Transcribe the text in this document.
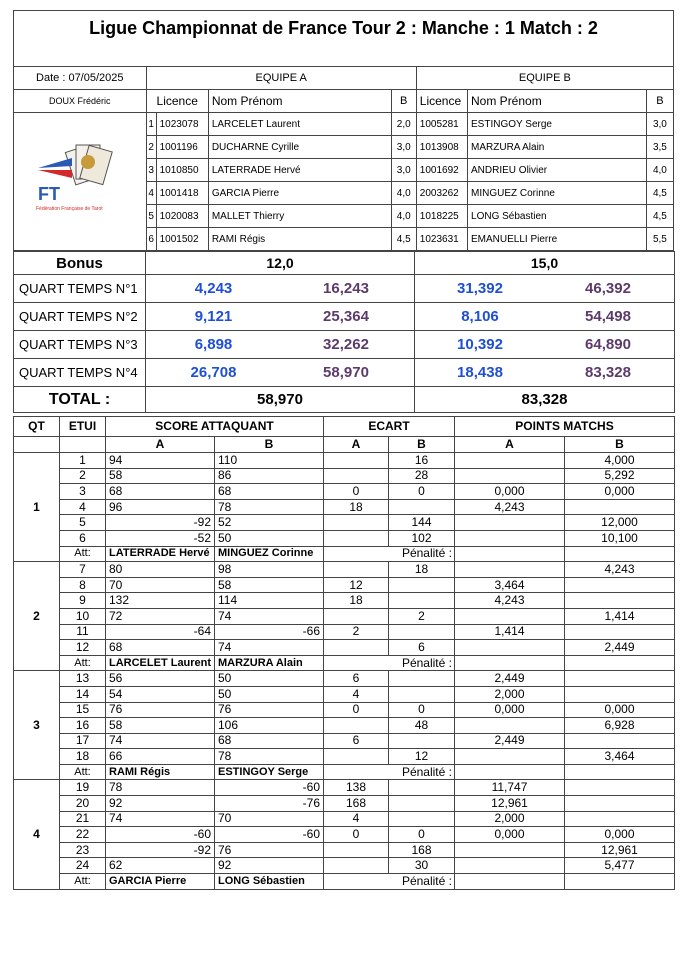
Ligue Championnat de France Tour 2 : Manche : 1 Match : 2
Date : 07/05/2025	EQUIPE A				EQUIPE B		
DOUX Frédéric	Licence		Nom Prénom	B	Licence	Nom Prénom	B
	1	1023078	LARCELET Laurent	2,0	1005281	ESTINGOY Serge	3,0
	2	1001196	DUCHARNE Cyrille	3,0	1013908	MARZURA Alain	3,5
	3	1010850	LATERRADE Hervé	3,0	1001692	ANDRIEU Olivier	4,0
	4	1001418	GARCIA Pierre	4,0	2003262	MINGUEZ Corinne	4,5
	5	1020083	MALLET Thierry	4,0	1018225	LONG Sébastien	4,5
	6	1001502	RAMI Régis	4,5	1023631	EMANUELLI Pierre	5,5
Bonus	12,0	15,0
QUART TEMPS N°1	4,243 16,243	31,392 46,392
QUART TEMPS N°2	9,121 25,364	8,106 54,498
QUART TEMPS N°3	6,898 32,262	10,392 64,890
QUART TEMPS N°4	26,708 58,970	18,438 83,328
TOTAL :	58,970	83,328
QT	ETUI	SCORE ATTAQUANT		ECART		POINTS MATCHS	
		A	B	A	B	A	B
1	1	94	110		16		4,000
	2	58	86		28		5,292
	3	68	68	0	0	0,000	0,000
	4	96	78	18		4,243	
	5	-92	52		144		12,000
	6	-52	50		102		10,100
	Att:	LATERRADE Hervé	MINGUEZ Corinne	Pénalité :			
2	7	80	98		18		4,243
	8	70	58	12		3,464	
	9	132	114	18		4,243	
	10	72	74		2		1,414
	11	-64	-66	2		1,414	
	12	68	74		6		2,449
	Att:	LARCELET Laurent	MARZURA Alain	Pénalité :			
3	13	56	50	6		2,449	
	14	54	50	4		2,000	
	15	76	76	0	0	0,000	0,000
	16	58	106		48		6,928
	17	74	68	6		2,449	
	18	66	78		12		3,464
	Att:	RAMI Régis	ESTINGOY Serge	Pénalité :			
4	19	78	-60	138		11,747	
	20	92	-76	168		12,961	
	21	74	70	4		2,000	
	22	-60	-60	0	0	0,000	0,000
	23	-92	76		168		12,961
	24	62	92		30		5,477
	Att:	GARCIA Pierre	LONG Sébastien	Pénalité :			
FT
Fédération Française de Tarot
